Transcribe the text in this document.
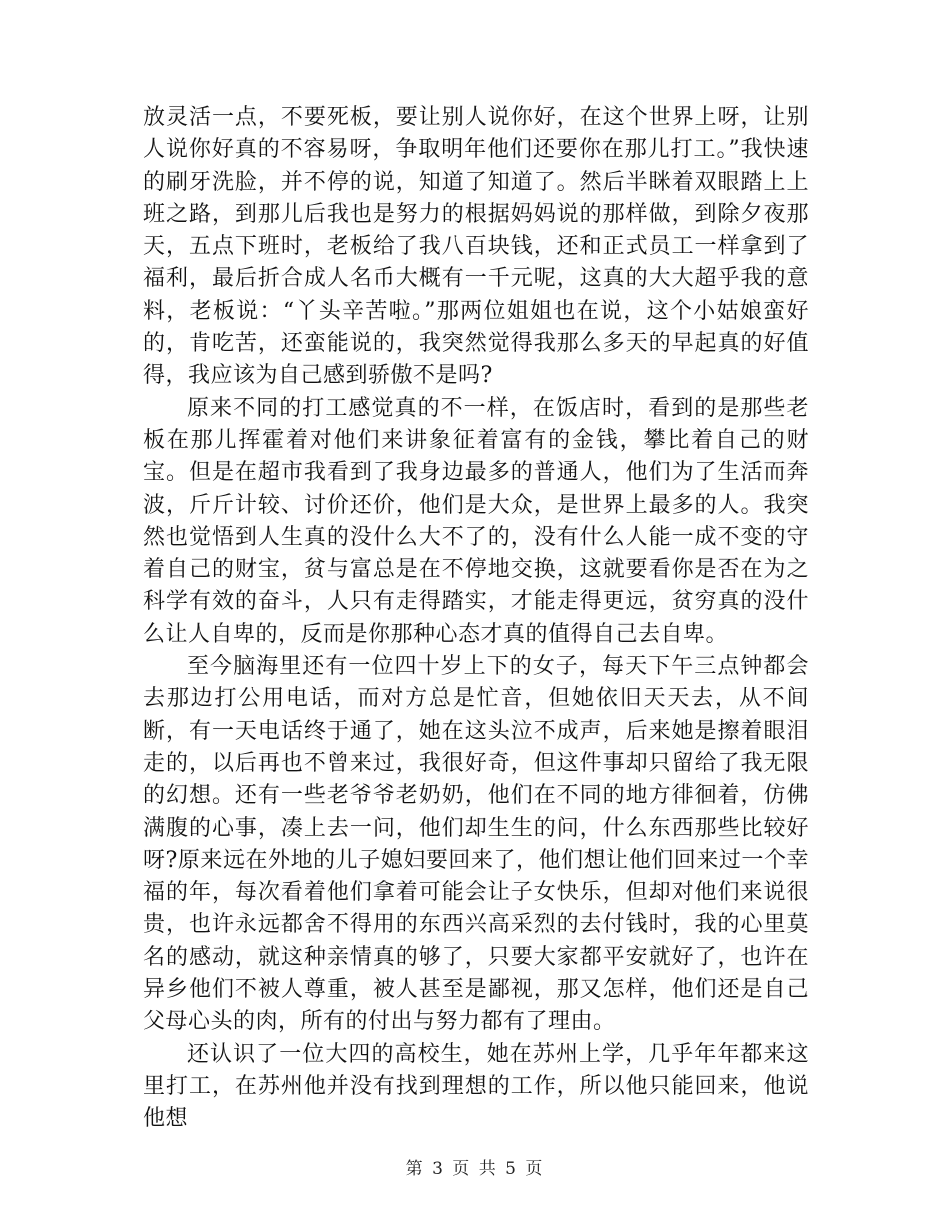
放灵活一点，不要死板，要让别人说你好，在这个世界上呀，让别人说你好真的不容易呀，争取明年他们还要你在那儿打工。”我快速的刷牙洗脸，并不停的说，知道了知道了。然后半眯着双眼踏上上班之路，到那儿后我也是努力的根据妈妈说的那样做，到除夕夜那天，五点下班时，老板给了我八百块钱，还和正式员工一样拿到了福利，最后折合成人名币大概有一千元呢，这真的大大超乎我的意料，老板说：“丫头辛苦啦。”那两位姐姐也在说，这个小姑娘蛮好的，肯吃苦，还蛮能说的，我突然觉得我那么多天的早起真的好值得，我应该为自己感到骄傲不是吗?

原来不同的打工感觉真的不一样，在饭店时，看到的是那些老板在那儿挥霍着对他们来讲象征着富有的金钱，攀比着自己的财宝。但是在超市我看到了我身边最多的普通人，他们为了生活而奔波，斤斤计较、讨价还价，他们是大众，是世界上最多的人。我突然也觉悟到人生真的没什么大不了的，没有什么人能一成不变的守着自己的财宝，贫与富总是在不停地交换，这就要看你是否在为之科学有效的奋斗，人只有走得踏实，才能走得更远，贫穷真的没什么让人自卑的，反而是你那种心态才真的值得自己去自卑。

至今脑海里还有一位四十岁上下的女子，每天下午三点钟都会去那边打公用电话，而对方总是忙音，但她依旧天天去，从不间断，有一天电话终于通了，她在这头泣不成声，后来她是擦着眼泪走的，以后再也不曾来过，我很好奇，但这件事却只留给了我无限的幻想。还有一些老爷爷老奶奶，他们在不同的地方徘徊着，仿佛满腹的心事，凑上去一问，他们却生生的问，什么东西那些比较好呀?原来远在外地的儿子媳妇要回来了，他们想让他们回来过一个幸福的年，每次看着他们拿着可能会让子女快乐，但却对他们来说很贵，也许永远都舍不得用的东西兴高采烈的去付钱时，我的心里莫名的感动，就这种亲情真的够了，只要大家都平安就好了，也许在异乡他们不被人尊重，被人甚至是鄙视，那又怎样，他们还是自己父母心头的肉，所有的付出与努力都有了理由。

还认识了一位大四的高校生，她在苏州上学，几乎年年都来这里打工，在苏州他并没有找到理想的工作，所以他只能回来，他说他想

第 3 页 共 5 页
